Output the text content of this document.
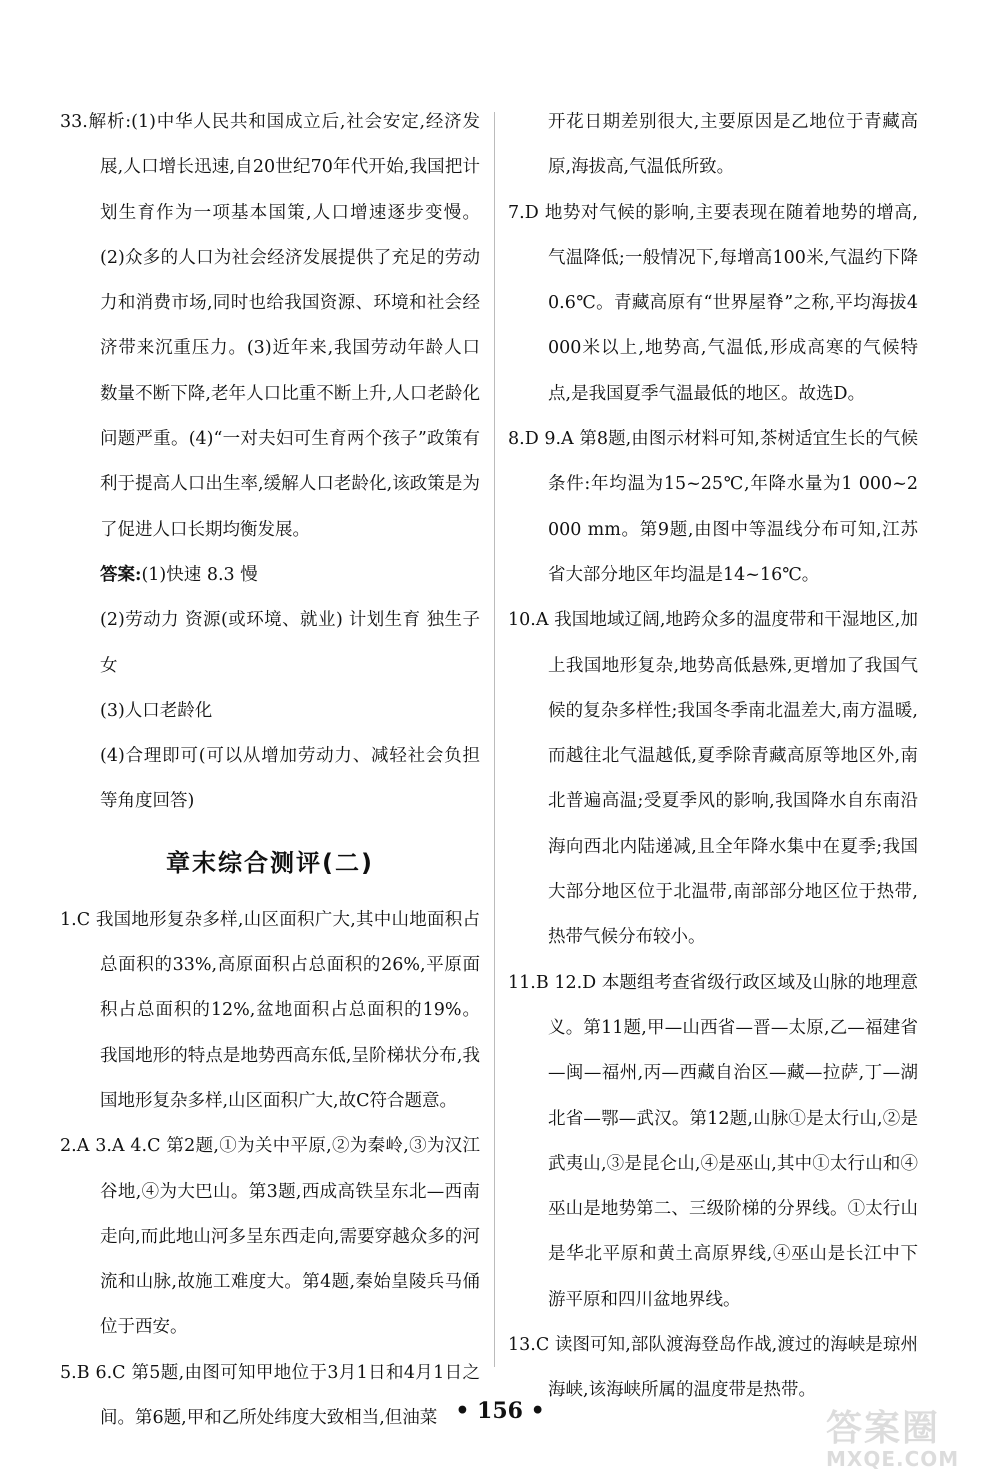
33.解析:(1)中华人民共和国成立后,社会安定,经济发展,人口增长迅速,自20世纪70年代开始,我国把计划生育作为一项基本国策,人口增速逐步变慢。(2)众多的人口为社会经济发展提供了充足的劳动力和消费市场,同时也给我国资源、环境和社会经济带来沉重压力。(3)近年来,我国劳动年龄人口数量不断下降,老年人口比重不断上升,人口老龄化问题严重。(4)“一对夫妇可生育两个孩子”政策有利于提高人口出生率,缓解人口老龄化,该政策是为了促进人口长期均衡发展。

答案:(1)快速 8.3 慢

(2)劳动力 资源(或环境、就业) 计划生育 独生子女

(3)人口老龄化

(4)合理即可(可以从增加劳动力、减轻社会负担等角度回答)

章末综合测评(二)

1.C 我国地形复杂多样,山区面积广大,其中山地面积占总面积的33%,高原面积占总面积的26%,平原面积占总面积的12%,盆地面积占总面积的19%。我国地形的特点是地势西高东低,呈阶梯状分布,我国地形复杂多样,山区面积广大,故C符合题意。

2.A 3.A 4.C 第2题,①为关中平原,②为秦岭,③为汉江谷地,④为大巴山。第3题,西成高铁呈东北—西南走向,而此地山河多呈东西走向,需要穿越众多的河流和山脉,故施工难度大。第4题,秦始皇陵兵马俑位于西安。

5.B 6.C 第5题,由图可知甲地位于3月1日和4月1日之间。第6题,甲和乙所处纬度大致相当,但油菜

开花日期差别很大,主要原因是乙地位于青藏高原,海拔高,气温低所致。

7.D 地势对气候的影响,主要表现在随着地势的增高,气温降低;一般情况下,每增高100米,气温约下降0.6℃。青藏高原有“世界屋脊”之称,平均海拔4 000米以上,地势高,气温低,形成高寒的气候特点,是我国夏季气温最低的地区。故选D。

8.D 9.A 第8题,由图示材料可知,茶树适宜生长的气候条件:年均温为15~25℃,年降水量为1 000~2 000 mm。第9题,由图中等温线分布可知,江苏省大部分地区年均温是14~16℃。

10.A 我国地域辽阔,地跨众多的温度带和干湿地区,加上我国地形复杂,地势高低悬殊,更增加了我国气候的复杂多样性;我国冬季南北温差大,南方温暖,而越往北气温越低,夏季除青藏高原等地区外,南北普遍高温;受夏季风的影响,我国降水自东南沿海向西北内陆递减,且全年降水集中在夏季;我国大部分地区位于北温带,南部部分地区位于热带,热带气候分布较小。

11.B 12.D 本题组考查省级行政区域及山脉的地理意义。第11题,甲—山西省—晋—太原,乙—福建省—闽—福州,丙—西藏自治区—藏—拉萨,丁—湖北省—鄂—武汉。第12题,山脉①是太行山,②是武夷山,③是昆仑山,④是巫山,其中①太行山和④巫山是地势第二、三级阶梯的分界线。①太行山是华北平原和黄土高原界线,④巫山是长江中下游平原和四川盆地界线。

13.C 读图可知,部队渡海登岛作战,渡过的海峡是琼州海峡,该海峡所属的温度带是热带。

• 156 •	答案圈
MXQE.COM
